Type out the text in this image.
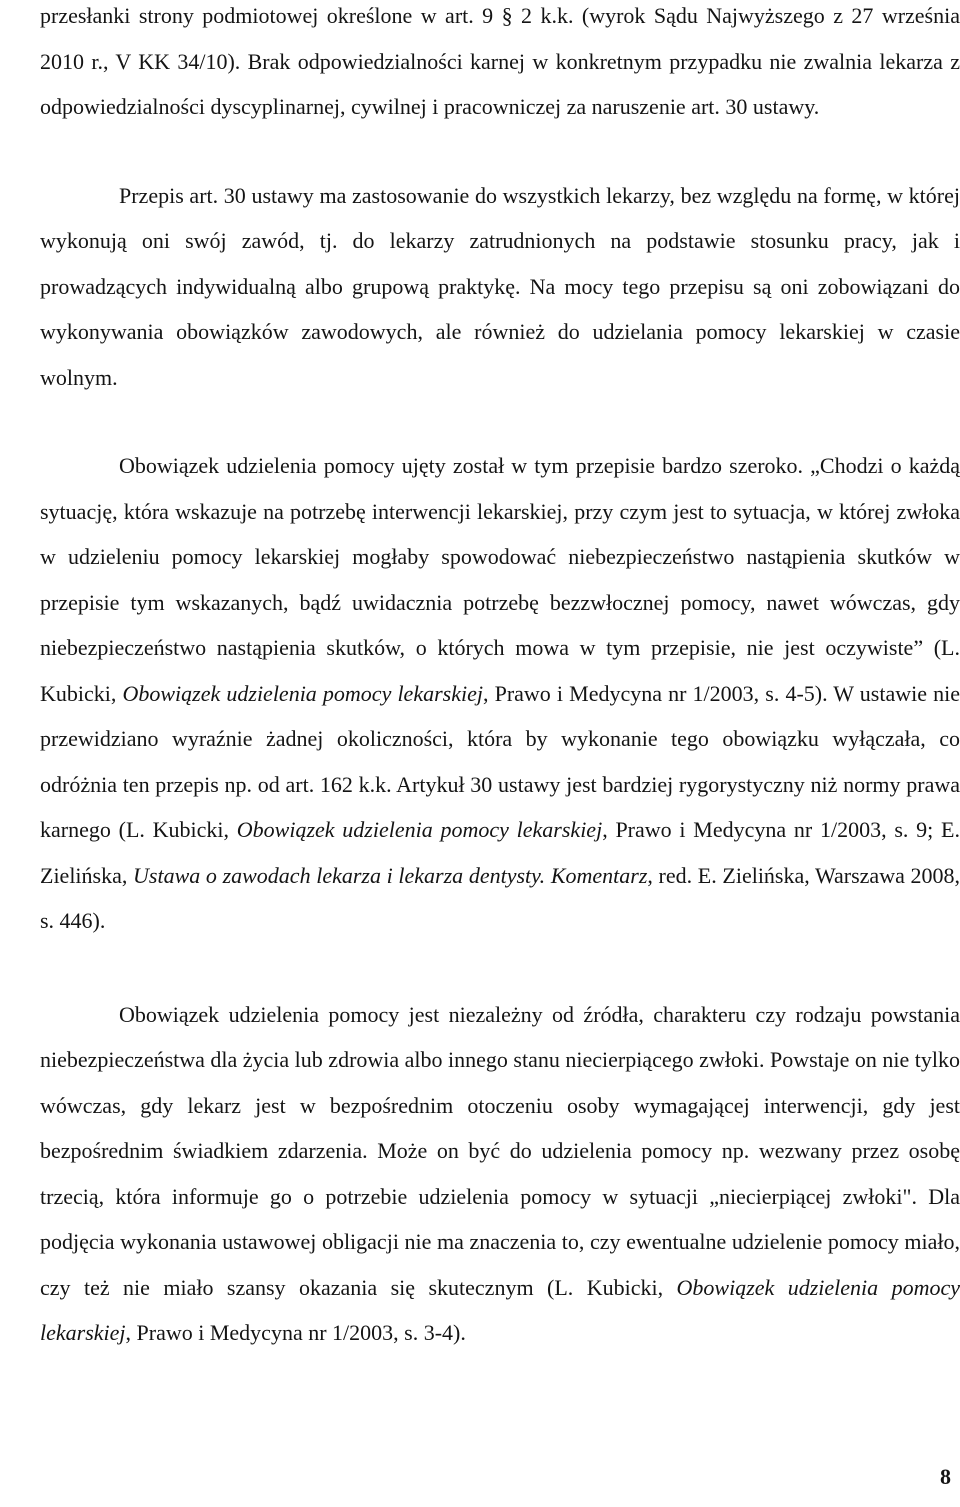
przesłanki strony podmiotowej określone w art. 9 § 2 k.k. (wyrok Sądu Najwyższego z 27 września 2010 r., V KK 34/10). Brak odpowiedzialności karnej w konkretnym przypadku nie zwalnia lekarza z odpowiedzialności dyscyplinarnej, cywilnej i pracowniczej za naruszenie art. 30 ustawy.

Przepis art. 30 ustawy ma zastosowanie do wszystkich lekarzy, bez względu na formę, w której wykonują oni swój zawód, tj. do lekarzy zatrudnionych na podstawie stosunku pracy, jak i prowadzących indywidualną albo grupową praktykę. Na mocy tego przepisu są oni zobowiązani do wykonywania obowiązków zawodowych, ale również do udzielania pomocy lekarskiej w czasie wolnym.

Obowiązek udzielenia pomocy ujęty został w tym przepisie bardzo szeroko. „Chodzi o każdą sytuację, która wskazuje na potrzebę interwencji lekarskiej, przy czym jest to sytuacja, w której zwłoka w udzieleniu pomocy lekarskiej mogłaby spowodować niebezpieczeństwo nastąpienia skutków w przepisie tym wskazanych, bądź uwidacznia potrzebę bezzwłocznej pomocy, nawet wówczas, gdy niebezpieczeństwo nastąpienia skutków, o których mowa w tym przepisie, nie jest oczywiste” (L. Kubicki, Obowiązek udzielenia pomocy lekarskiej, Prawo i Medycyna nr 1/2003, s. 4-5). W ustawie nie przewidziano wyraźnie żadnej okoliczności, która by wykonanie tego obowiązku wyłączała, co odróżnia ten przepis np. od art. 162 k.k. Artykuł 30 ustawy jest bardziej rygorystyczny niż normy prawa karnego (L. Kubicki, Obowiązek udzielenia pomocy lekarskiej, Prawo i Medycyna nr 1/2003, s. 9; E. Zielińska, Ustawa o zawodach lekarza i lekarza dentysty. Komentarz, red. E. Zielińska, Warszawa 2008, s. 446).

Obowiązek udzielenia pomocy jest niezależny od źródła, charakteru czy rodzaju powstania niebezpieczeństwa dla życia lub zdrowia albo innego stanu niecierpiącego zwłoki. Powstaje on nie tylko wówczas, gdy lekarz jest w bezpośrednim otoczeniu osoby wymagającej interwencji, gdy jest bezpośrednim świadkiem zdarzenia. Może on być do udzielenia pomocy np. wezwany przez osobę trzecią, która informuje go o potrzebie udzielenia pomocy w sytuacji „niecierpiącej zwłoki". Dla podjęcia wykonania ustawowej obligacji nie ma znaczenia to, czy ewentualne udzielenie pomocy miało, czy też nie miało szansy okazania się skutecznym (L. Kubicki, Obowiązek udzielenia pomocy lekarskiej, Prawo i Medycyna nr 1/2003, s. 3-4).

8
